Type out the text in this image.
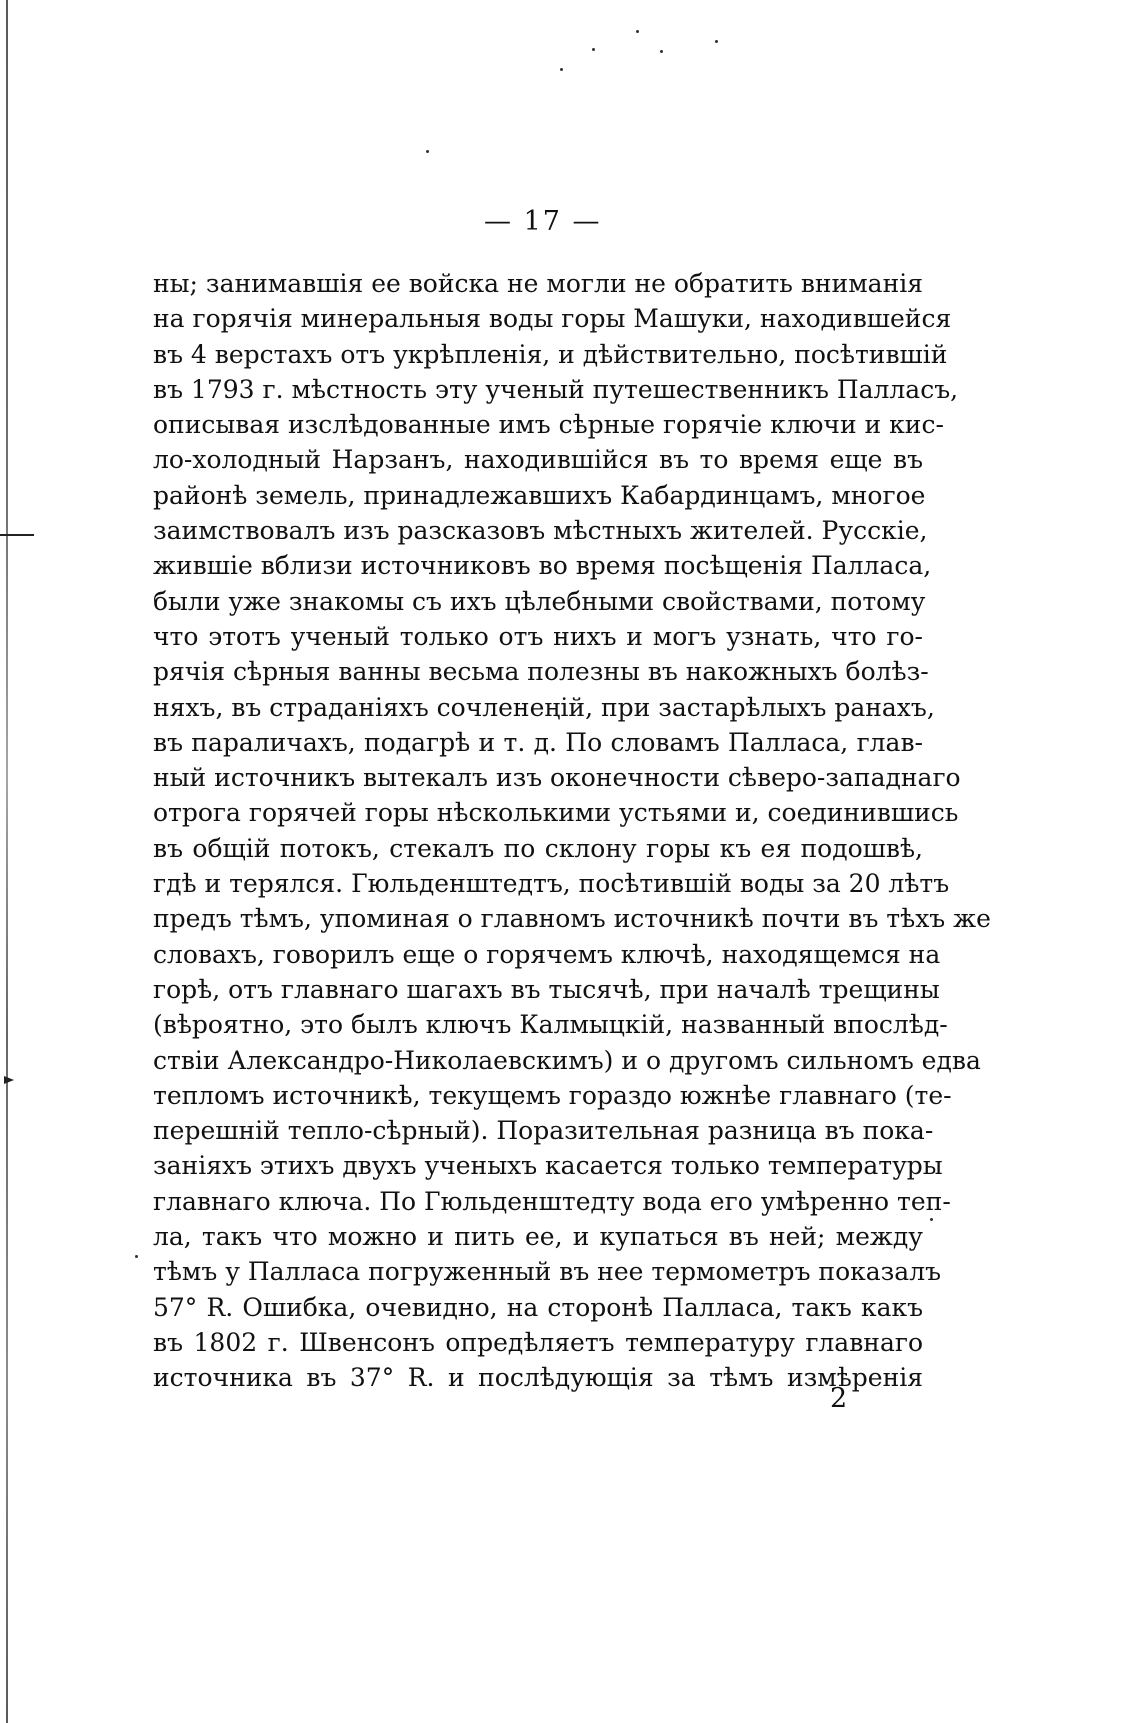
— 17 —
ны; занимавшія ее войска не могли не обратить вниманія
на горячія минеральныя воды горы Машуки, находившейся
въ 4 верстахъ отъ укрѣпленія, и дѣйствительно, посѣтившій
въ 1793 г. мѣстность эту ученый путешественникъ Палласъ,
описывая изслѣдованные имъ сѣрные горячіе ключи и кис-
ло-холодный Нарзанъ, находившійся въ то время еще въ
районѣ земель, принадлежавшихъ Кабардинцамъ, многое
заимствовалъ изъ разсказовъ мѣстныхъ жителей. Русскіе,
жившіе вблизи источниковъ во время посѣщенія Палласа,
были уже знакомы съ ихъ цѣлебными свойствами, потому
что этотъ ученый только отъ нихъ и могъ узнать, что го-
рячія сѣрныя ванны весьма полезны въ накожныхъ болѣз-
няхъ, въ страданіяхъ сочленеңій, при застарѣлыхъ ранахъ,
въ параличахъ, подагрѣ и т. д. По словамъ Палласа, глав-
ный источникъ вытекалъ изъ оконечности сѣверо-западнаго
отрога горячей горы нѣсколькими устьями и, соединившись
въ общій потокъ, стекалъ по склону горы къ ея подошвѣ,
гдѣ и терялся. Гюльденштедтъ, посѣтившій воды за 20 лѣтъ
предъ тѣмъ, упоминая о главномъ источникѣ почти въ тѣхъ же
словахъ, говорилъ еще о горячемъ ключѣ, находящемся на
горѣ, отъ главнаго шагахъ въ тысячѣ, при началѣ трещины
(вѣроятно, это былъ ключъ Калмыцкій, названный впослѣд-
ствіи Александро-Николаевскимъ) и о другомъ сильномъ едва
тепломъ источникѣ, текущемъ гораздо южнѣе главнаго (те-
перешній тепло-сѣрный). Поразительная разница въ пока-
заніяхъ этихъ двухъ ученыхъ касается только температуры
главнаго ключа. По Гюльденштедту вода его умѣренно теп-
ла, такъ что можно и пить ее, и купаться въ ней; между
тѣмъ у Палласа погруженный въ нее термометръ показалъ
57° R. Ошибка, очевидно, на сторонѣ Палласа, такъ какъ
въ 1802 г. Швенсонъ опредѣляетъ температуру главнаго
источника въ 37° R. и послѣдующія за тѣмъ измѣренія
2
